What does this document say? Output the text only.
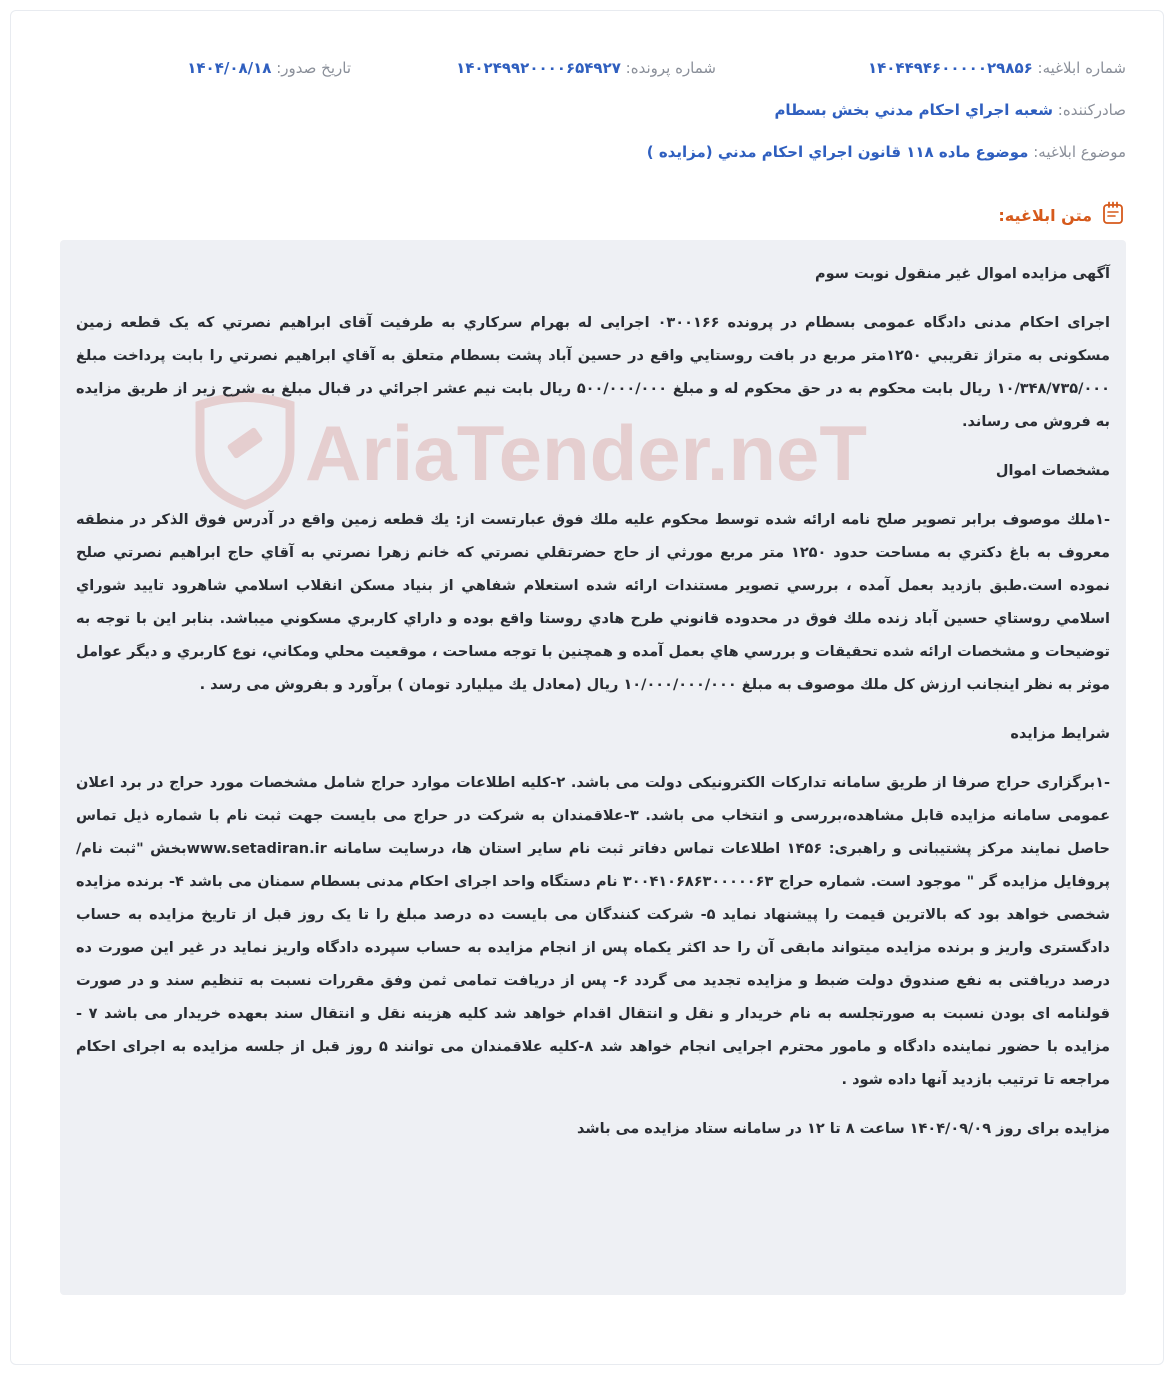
شماره ابلاغیه: ۱۴۰۴۴۹۴۶۰۰۰۰۰۲۹۸۵۶
شماره پرونده: ۱۴۰۲۴۹۹۲۰۰۰۰۶۵۴۹۲۷
تاریخ صدور: ۱۴۰۴/۰۸/۱۸
صادرکننده: شعبه اجراي احکام مدني بخش بسطام
موضوع ابلاغیه: موضوع ماده ۱۱۸ قانون اجراي احکام مدني (مزايده )
متن ابلاغیه:
AriaTender.neT

آگهی مزایده اموال غیر منقول نوبت سوم

اجرای احکام مدنی دادگاه عمومی بسطام در پرونده ۰۳۰۰۱۶۶ اجرایی له بهرام سركاري به طرفیت آقای ابراهیم نصرتي كه یک قطعه زمین مسکونی به متراژ تقريبي ۱۲۵۰متر مربع در بافت روستايي واقع در حسين آباد پشت بسطام متعلق به آقاي ابراهيم نصرتي را بابت پرداخت مبلغ ۱۰/۳۴۸/۷۳۵/۰۰۰ ریال بابت محکوم به در حق محکوم له و مبلغ ۵۰۰/۰۰۰/۰۰۰ ریال بابت نیم عشر اجرائي در قبال مبلغ به شرح زیر از طریق مزایده به فروش می رساند.

مشخصات اموال

-۱ملك موصوف برابر تصوير صلح نامه ارائه شده توسط محكوم عليه ملك فوق عبارتست از: يك قطعه زمين واقع در آدرس فوق الذكر در منطقه معروف به باغ دكتري به مساحت حدود ۱۲۵۰ متر مربع مورثي از حاج حضرتقلي نصرتي كه خانم زهرا نصرتي به آقاي حاج ابراهيم نصرتي صلح نموده است.طبق بازديد بعمل آمده ، بررسي تصوير مستندات ارائه شده استعلام شفاهي از بنياد مسكن انقلاب اسلامي شاهرود تاييد شوراي اسلامي روستاي حسين آباد زنده ملك فوق در محدوده قانوني طرح هادي روستا واقع بوده و داراي كاربري مسكوني ميباشد. بنابر اين با توجه به توضيحات و مشخصات ارائه شده تحقيقات و بررسي هاي بعمل آمده و همچنين با توجه مساحت ، موقعيت محلي ومكاني، نوع كاربري و ديگر عوامل موثر به نظر اينجانب ارزش كل ملك موصوف به مبلغ ۱۰/۰۰۰/۰۰۰/۰۰۰ ريال (معادل يك ميليارد تومان ) برآورد و بفروش می رسد .

شرایط مزایده

-۱برگزاری حراج صرفا از طریق سامانه تدارکات الکترونیکی دولت می باشد. ۲-کلیه اطلاعات موارد حراج شامل مشخصات مورد حراج در برد اعلان عمومی سامانه مزایده قابل مشاهده،بررسی و انتخاب می باشد. ۳-علاقمندان به شرکت در حراج می بایست جهت ثبت نام با شماره ذیل تماس حاصل نمایند مرکز پشتیبانی و راهبری: ۱۴۵۶ اطلاعات تماس دفاتر ثبت نام سایر استان ها، درسایت سامانه www.setadiran.irبخش "ثبت نام/پروفایل مزایده گر " موجود است. شماره حراج ۳۰۰۴۱۰۶۸۶۳۰۰۰۰۰۶۳ نام دستگاه واحد اجرای احکام مدنی بسطام سمنان می باشد ۴- برنده مزایده شخصی خواهد بود که بالاترین قیمت را پیشنهاد نماید ۵- شرکت کنندگان می بایست ده درصد مبلغ را تا یک روز قبل از تاریخ مزایده به حساب دادگستری واریز و برنده مزایده میتواند مابقی آن را حد اکثر یکماه پس از انجام مزایده به حساب سپرده دادگاه واریز نماید در غیر این صورت ده درصد دریافتی به نفع صندوق دولت ضبط و مزایده تجدید می گردد ۶- پس از دریافت تمامی ثمن وفق مقررات نسبت به تنظیم سند و در صورت قولنامه ای بودن نسبت به صورتجلسه به نام خریدار و نقل و انتقال اقدام خواهد شد کلیه هزینه نقل و انتقال سند بعهده خریدار می باشد ۷ - مزایده با حضور نماینده دادگاه و مامور محترم اجرایی انجام خواهد شد ۸-کلیه علاقمندان می توانند ۵ روز قبل از جلسه مزایده به اجرای احکام مراجعه تا ترتیب بازدید آنها داده شود .

مزایده برای روز ۱۴۰۴/۰۹/۰۹ ساعت ۸ تا ۱۲ در سامانه ستاد مزایده می باشد
